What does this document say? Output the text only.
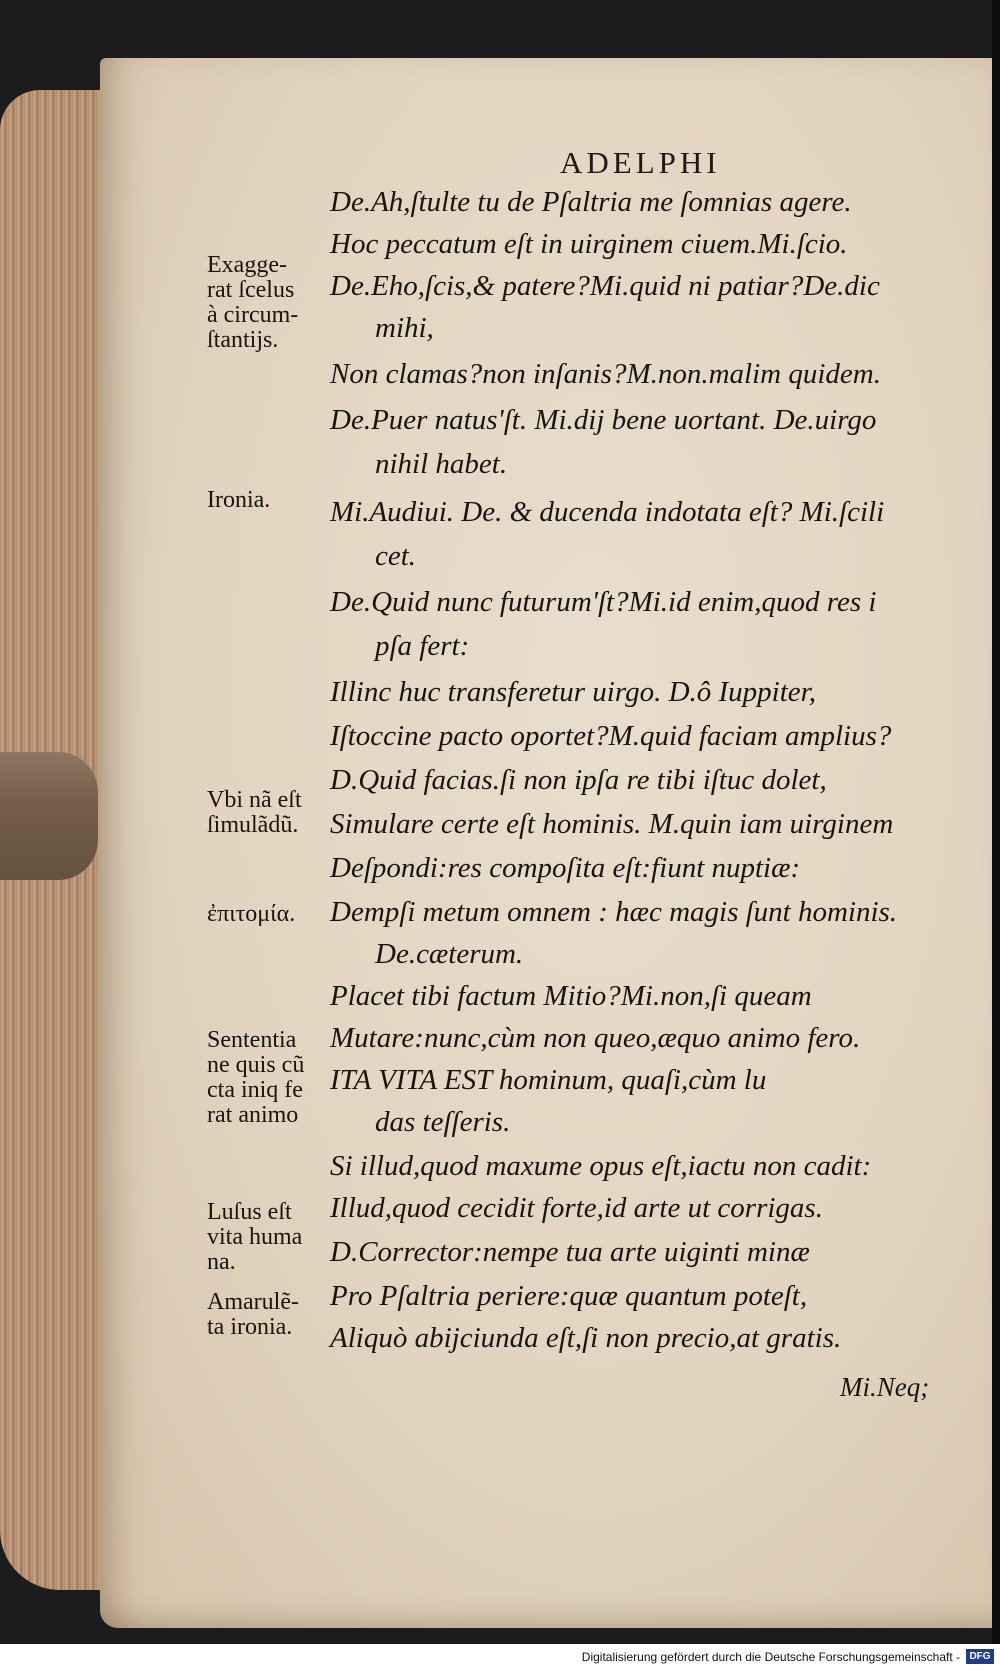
ADELPHI
De.Ah,ſtulte tu de Pſaltria me ſomnias agere.
Hoc peccatum eſt in uirginem ciuem.Mi.ſcio.
De.Eho,ſcis,& patere?Mi.quid ni patiar?De.dic
mihi,
Non clamas?non inſanis?M.non.malim quidem.
De.Puer natus'ſt. Mi.dij bene uortant. De.uirgo
nihil habet.
Mi.Audiui. De. & ducenda indotata eſt? Mi.ſcili
cet.
De.Quid nunc futurum'ſt?Mi.id enim,quod res i
pſa fert:
Illinc huc transferetur uirgo. D.ô Iuppiter,
Iſtoccine pacto oportet?M.quid faciam amplius?
D.Quid facias.ſi non ipſa re tibi iſtuc dolet,
Simulare certe eſt hominis. M.quin iam uirginem
Deſpondi:res compoſita eſt:fiunt nuptiæ:
Dempſi metum omnem : hæc magis ſunt hominis.
De.cæterum.
Placet tibi factum Mitio?Mi.non,ſi queam
Mutare:nunc,cùm non queo,æquo animo fero.
ITA VITA EST hominum, quaſi,cùm lu
das teſſeris.
Si illud,quod maxume opus eſt,iactu non cadit:
Illud,quod cecidit forte,id arte ut corrigas.
D.Corrector:nempe tua arte uiginti minæ
Pro Pſaltria periere:quæ quantum poteſt,
Aliquò abijciunda eſt,ſi non precio,at gratis.
Mi.Neq;
Exagge-
rat ſcelus
à circum-
ſtantijs.
Ironia.
Vbi nã eſt
ſimulãdũ.
ἐπιτομία.
Sententia
ne quis cũ
cta iniq fe
rat animo
Luſus eſt
vita huma
na.
Amarulẽ-
ta ironia.
Digitalisierung gefördert durch die Deutsche Forschungsgemeinschaft - DFG
